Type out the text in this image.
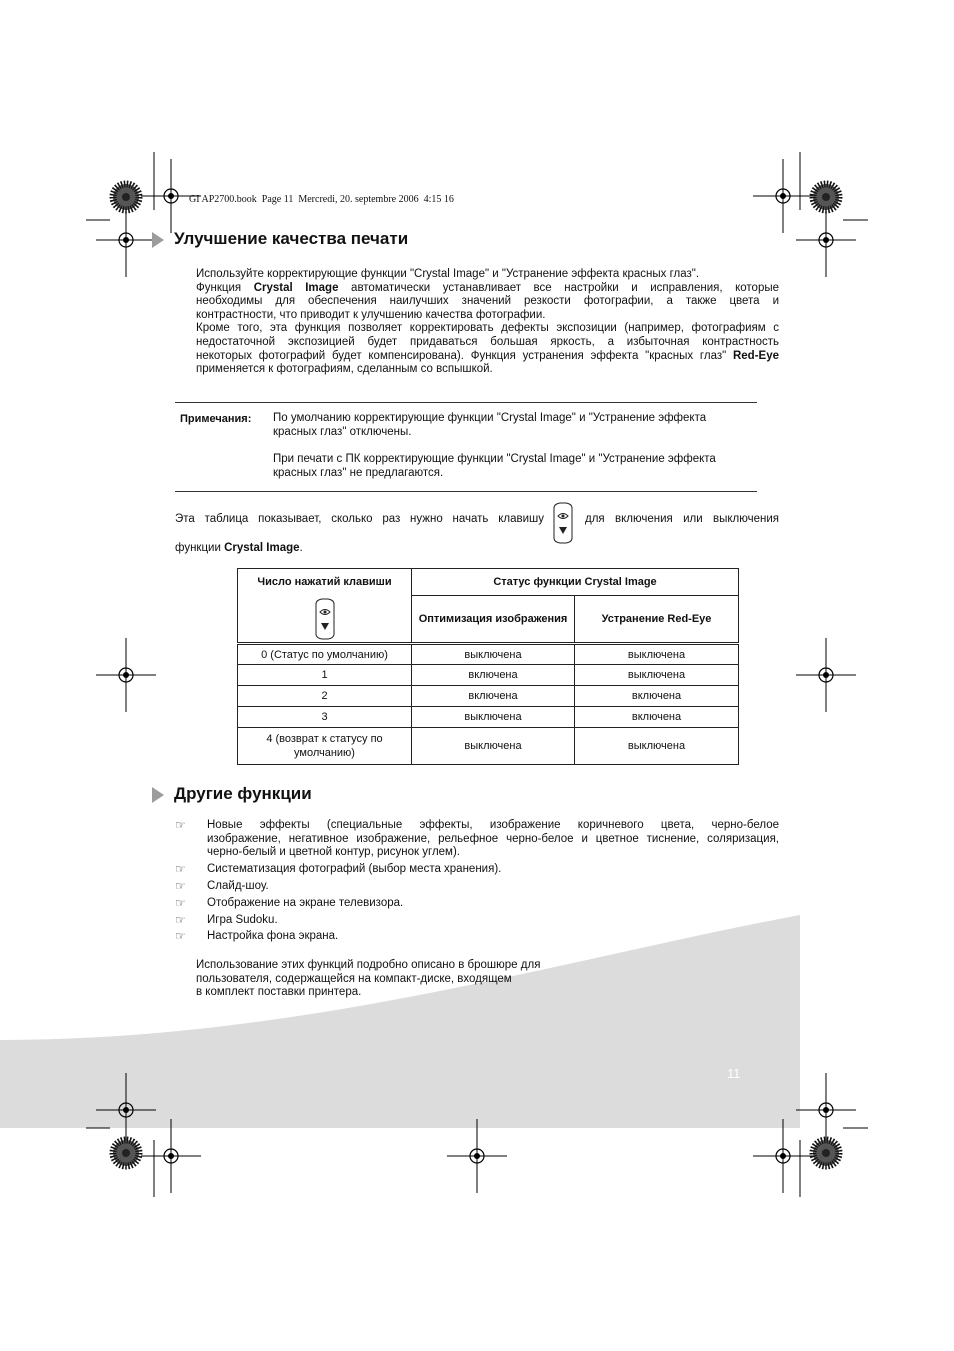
11
GI AP2700.book  Page 11  Mercredi, 20. septembre 2006  4:15 16
Улучшение качества печати
Используйте корректирующие функции "Crystal Image" и "Устранение эффекта красных глаз".
Функция Crystal Image автоматически устанавливает все настройки и исправления, которые
необходимы для обеспечения наилучших значений резкости фотографии, а также цвета и
контрастности, что приводит к улучшению качества фотографии.
Кроме того, эта функция позволяет корректировать дефекты экспозиции (например, фотографиям с
недостаточной экспозицией будет придаваться большая яркость, а избыточная контрастность
некоторых фотографий будет компенсирована). Функция устранения эффекта "красных глаз" Red-Eye
применяется к фотографиям, сделанным со вспышкой.
Примечания: По умолчанию корректирующие функции "Crystal Image" и "Устранение эффекта
красных глаз" отключены.
При печати с ПК корректирующие функции "Crystal Image" и "Устранение эффекта
красных глаз" не предлагаются.
Эта таблица показывает, сколько раз нужно начать клавишу	для включения или выключения
функции Crystal Image.
Число нажатий клавиши	Статус функции Crystal Image	
	Оптимизация изображения	Устранение Red-Eye
0 (Статус по умолчанию)	выключена	выключена
1	включена	выключена
2	включена	включена
3	выключена	включена
4 (возврат к статусу по умолчанию)	выключена	выключена
Другие функции
☞ Новые эффекты (специальные эффекты, изображение коричневого цвета, черно-белое
изображение, негативное изображение, рельефное черно-белое и цветное тиснение, соляризация,
черно-белый и цветной контур, рисунок углем).
☞ Систематизация фотографий (выбор места хранения).
☞ Слайд-шоу.
☞ Отображение на экране телевизора.
☞ Игра Sudoku.
☞ Настройка фона экрана.
Использование этих функций подробно описано в брошюре для
пользователя, содержащейся на компакт-диске, входящем
в комплект поставки принтера.
